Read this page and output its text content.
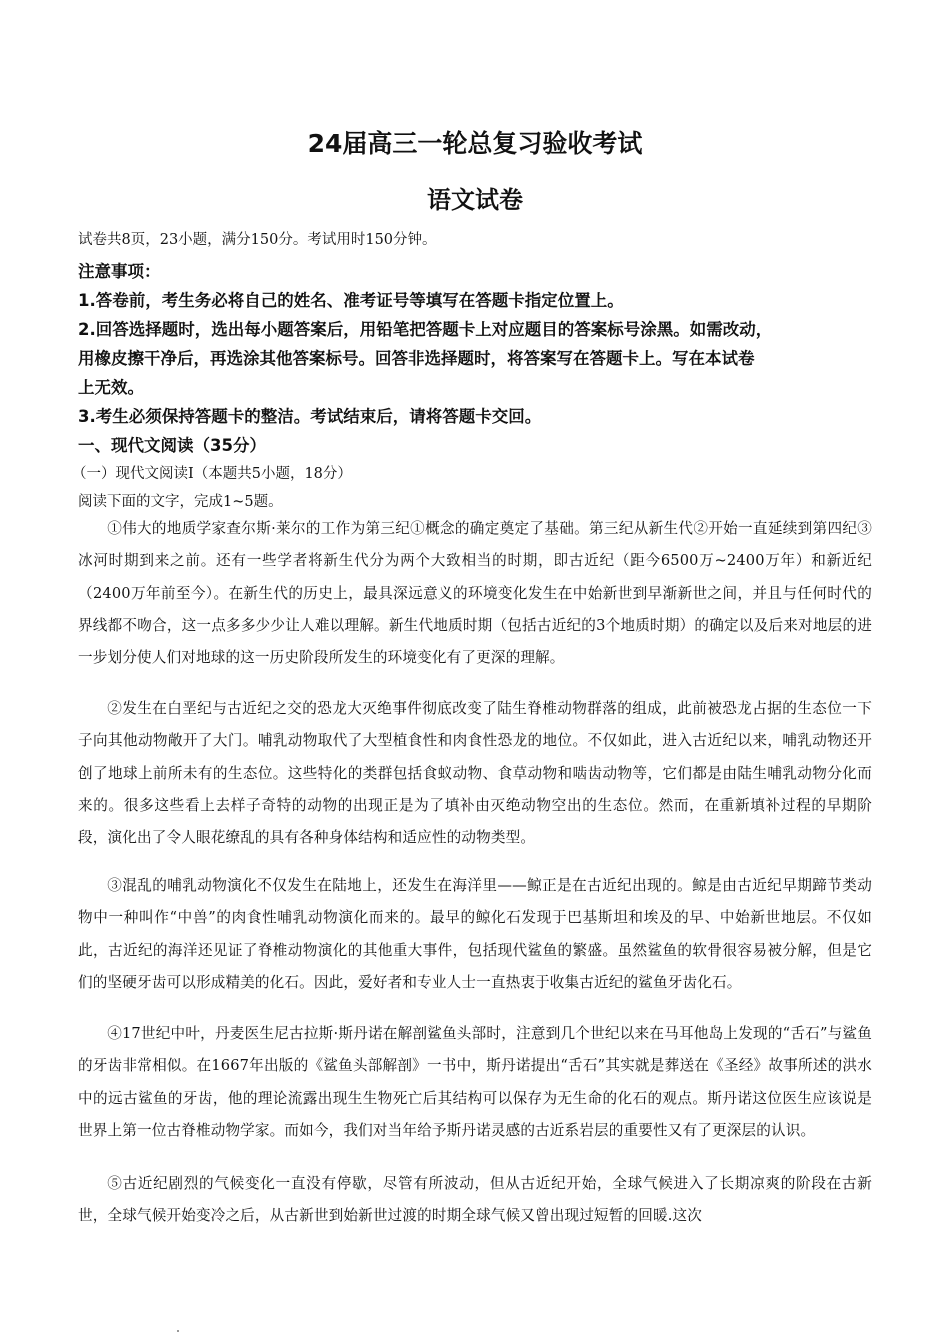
24届高三一轮总复习验收考试
语文试卷
试卷共8页，23小题，满分150分。考试用时150分钟。
注意事项：
1.答卷前，考生务必将自己的姓名、准考证号等填写在答题卡指定位置上。
2.回答选择题时，选出每小题答案后，用铅笔把答题卡上对应题目的答案标号涂黑。如需改动，
用橡皮擦干净后，再选涂其他答案标号。回答非选择题时，将答案写在答题卡上。写在本试卷
上无效。
3.考生必须保持答题卡的整洁。考试结束后，请将答题卡交回。
一、现代文阅读（35分）
（一）现代文阅读Ⅰ（本题共5小题，18分）
阅读下面的文字，完成1~5题。
①伟大的地质学家查尔斯·莱尔的工作为第三纪①概念的确定奠定了基础。第三纪从新生代②开始一直延续到第四纪③冰河时期到来之前。还有一些学者将新生代分为两个大致相当的时期，即古近纪（距今6500万~2400万年）和新近纪（2400万年前至今）。在新生代的历史上，最具深远意义的环境变化发生在中始新世到早渐新世之间，并且与任何时代的界线都不吻合，这一点多多少少让人难以理解。新生代地质时期（包括古近纪的3个地质时期）的确定以及后来对地层的进一步划分使人们对地球的这一历史阶段所发生的环境变化有了更深的理解。
②发生在白垩纪与古近纪之交的恐龙大灭绝事件彻底改变了陆生脊椎动物群落的组成，此前被恐龙占据的生态位一下子向其他动物敞开了大门。哺乳动物取代了大型植食性和肉食性恐龙的地位。不仅如此，进入古近纪以来，哺乳动物还开创了地球上前所未有的生态位。这些特化的类群包括食蚁动物、食草动物和啮齿动物等，它们都是由陆生哺乳动物分化而来的。很多这些看上去样子奇特的动物的出现正是为了填补由灭绝动物空出的生态位。然而，在重新填补过程的早期阶段，演化出了令人眼花缭乱的具有各种身体结构和适应性的动物类型。
③混乱的哺乳动物演化不仅发生在陆地上，还发生在海洋里——鲸正是在古近纪出现的。鲸是由古近纪早期蹄节类动物中一种叫作“中兽”的肉食性哺乳动物演化而来的。最早的鲸化石发现于巴基斯坦和埃及的早、中始新世地层。不仅如此，古近纪的海洋还见证了脊椎动物演化的其他重大事件，包括现代鲨鱼的繁盛。虽然鲨鱼的软骨很容易被分解，但是它们的坚硬牙齿可以形成精美的化石。因此，爱好者和专业人士一直热衷于收集古近纪的鲨鱼牙齿化石。
④17世纪中叶，丹麦医生尼古拉斯·斯丹诺在解剖鲨鱼头部时，注意到几个世纪以来在马耳他岛上发现的“舌石”与鲨鱼的牙齿非常相似。在1667年出版的《鲨鱼头部解剖》一书中，斯丹诺提出“舌石”其实就是葬送在《圣经》故事所述的洪水中的远古鲨鱼的牙齿，他的理论流露出现生生物死亡后其结构可以保存为无生命的化石的观点。斯丹诺这位医生应该说是世界上第一位古脊椎动物学家。而如今，我们对当年给予斯丹诺灵感的古近系岩层的重要性又有了更深层的认识。
⑤古近纪剧烈的气候变化一直没有停歇，尽管有所波动，但从古近纪开始，全球气候进入了长期凉爽的阶段在古新世，全球气候开始变冷之后，从古新世到始新世过渡的时期全球气候又曾出现过短暂的回暖.这次
